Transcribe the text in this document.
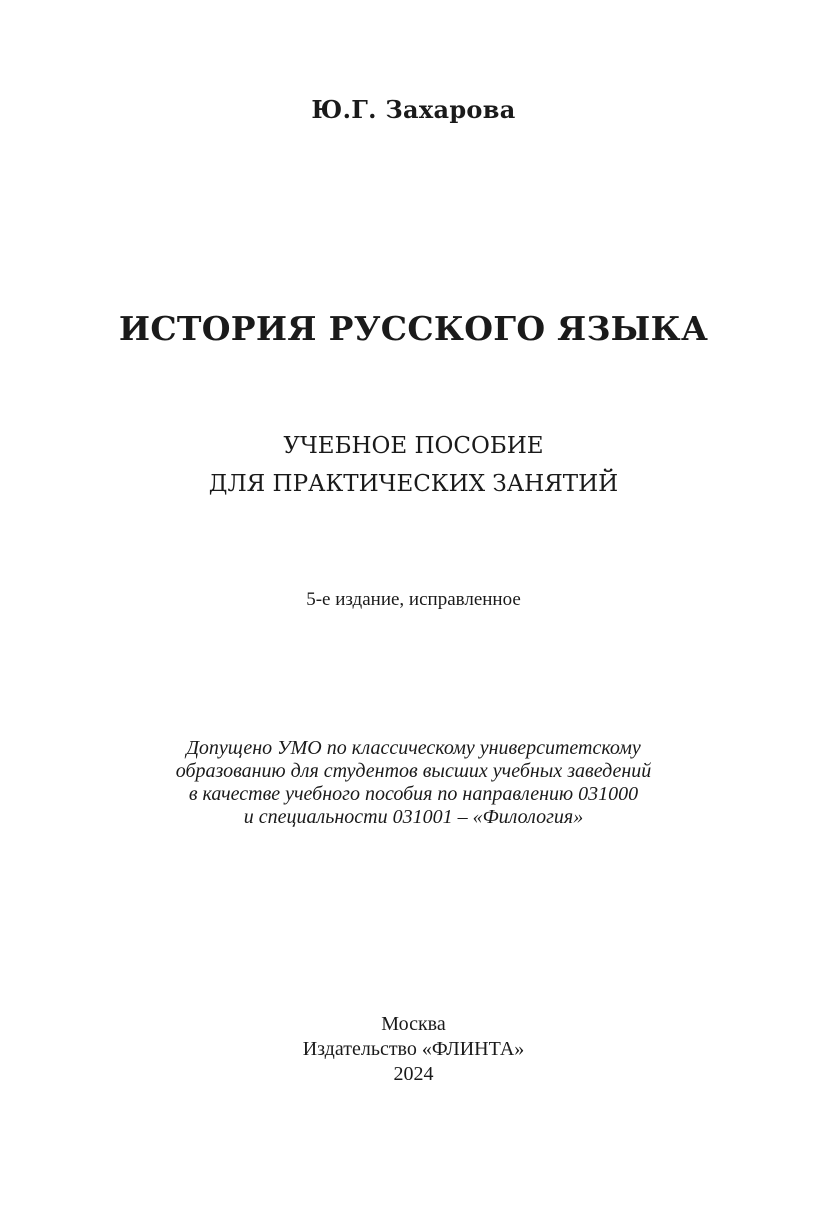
Ю.Г. Захарова
ИСТОРИЯ РУССКОГО ЯЗЫКА
УЧЕБНОЕ ПОСОБИЕ
ДЛЯ ПРАКТИЧЕСКИХ ЗАНЯТИЙ
5-е издание, исправленное
Допущено УМО по классическому университетскому
образованию для студентов высших учебных заведений
в качестве учебного пособия по направлению 031000
и специальности 031001 – «Филология»
Москва
Издательство «ФЛИНТА»
2024
